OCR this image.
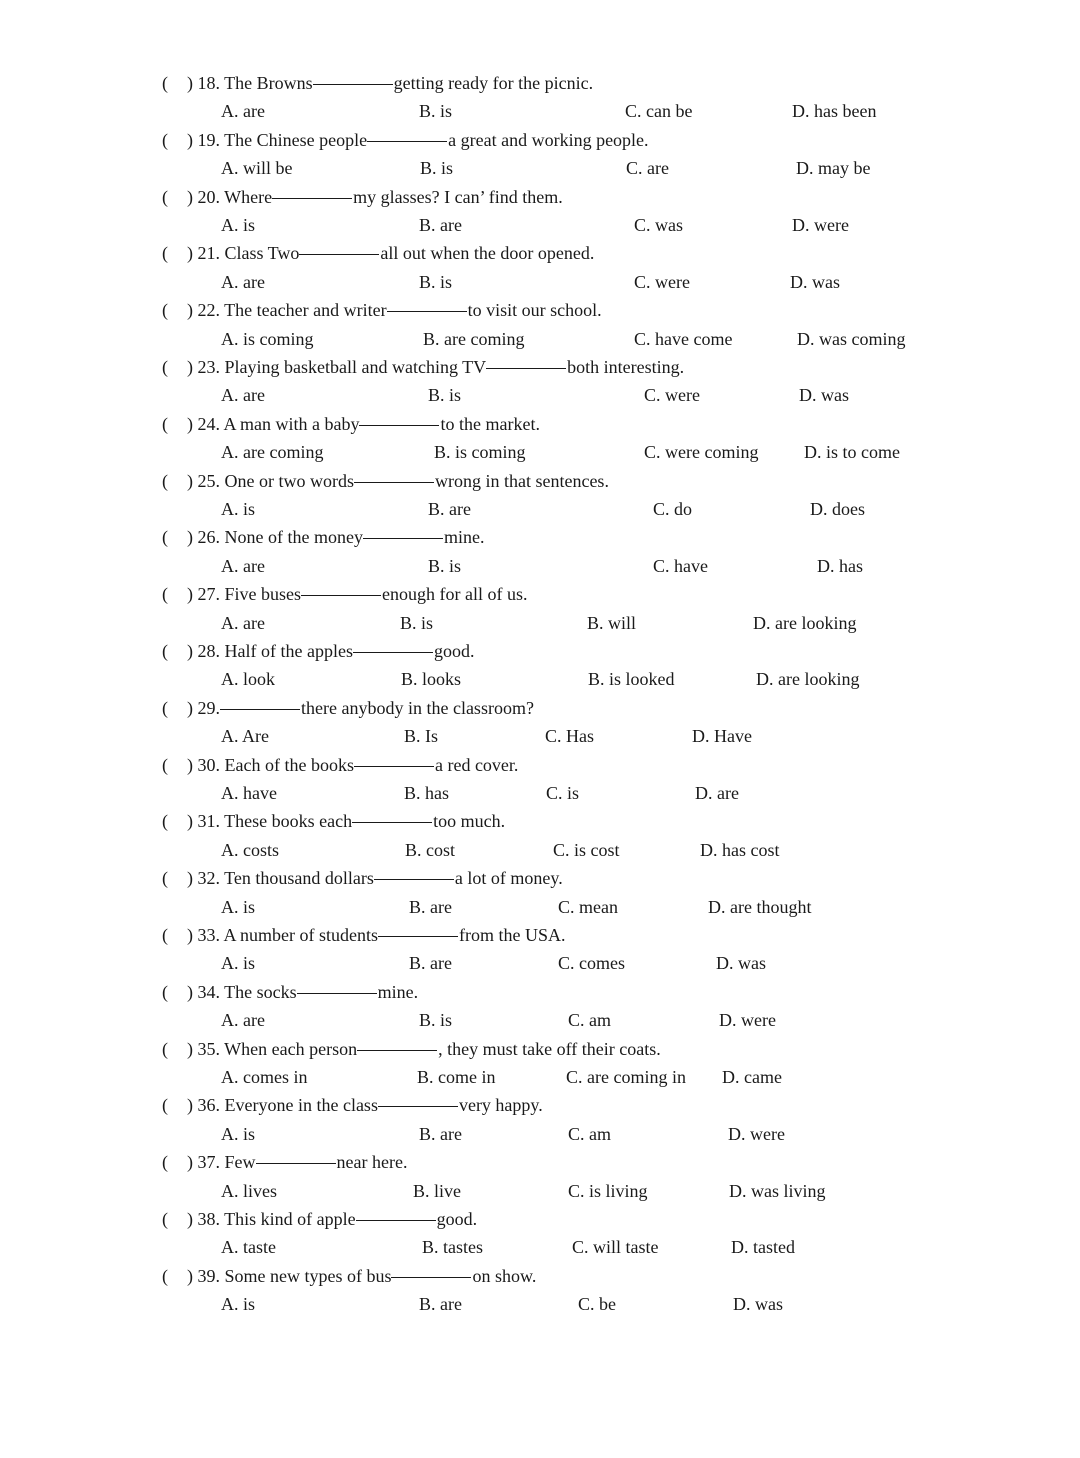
( ) 18. The Browns	getting ready for the picnic.
A. are	B. is	C. can be	D. has been
( ) 19. The Chinese people	a great and working people.
A. will be	B. is	C. are	D. may be
( ) 20. Where	my glasses? I can’ find them.
A. is	B. are	C. was	D. were
( ) 21. Class Two	all out when the door opened.
A. are	B. is	C. were	D. was
( ) 22. The teacher and writer	to visit our school.
A. is coming	B. are coming	C. have come	D. was coming
( ) 23. Playing basketball and watching TV	both interesting.
A. are	B. is	C. were	D. was
( ) 24. A man with a baby	to the market.
A. are coming	B. is coming	C. were coming	D. is to come
( ) 25. One or two words	wrong in that sentences.
A. is	B. are	C. do	D. does
( ) 26. None of the money	mine.
A. are	B. is	C. have	D. has
( ) 27. Five buses	enough for all of us.
A. are	B. is	B. will	D. are looking
( ) 28. Half of the apples	good.
A. look	B. looks	B. is looked	D. are looking
( ) 29.	there anybody in the classroom?
A. Are	B. Is	C. Has	D. Have
( ) 30. Each of the books	a red cover.
A. have	B. has	C. is	D. are
( ) 31. These books each	too much.
A. costs	B. cost	C. is cost	D. has cost
( ) 32. Ten thousand dollars	a lot of money.
A. is	B. are	C. mean	D. are thought
( ) 33. A number of students	from the USA.
A. is	B. are	C. comes	D. was
( ) 34. The socks	mine.
A. are	B. is	C. am	D. were
( ) 35. When each person	, they must take off their coats.
A. comes in	B. come in	C. are coming in D. came
( ) 36. Everyone in the class	very happy.
A. is	B. are	C. am	D. were
( ) 37. Few	near here.
A. lives	B. live	C. is living	D. was living
( ) 38. This kind of apple	good.
A. taste	B. tastes	C. will taste	D. tasted
( ) 39. Some new types of bus	on show.
A. is	B. are	C. be	D. was
